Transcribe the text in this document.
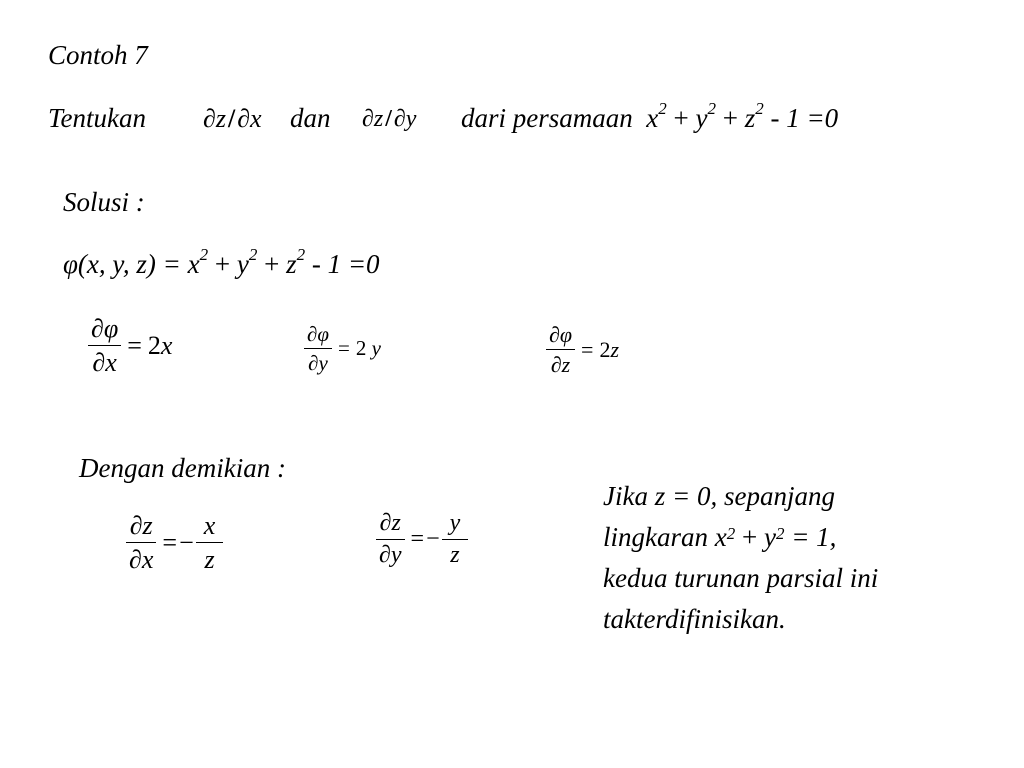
Contoh 7
Tentukan ∂z/∂x dan ∂z/∂y dari persamaan $x^2 + y^2 + z^2 - 1 =0$
Solusi :
φ(x, y, $z) = x^2 + y^2 + z^2 - 1 =0$
$\frac{\partial\varphi}{\partial x} = 2$ x	$\frac{\partial\varphi}{\partial y} = 2$
y	$\frac{\partial\varphi}{\partial z} = 2$ z
Dengan demikian :
$\frac{\partial z}{\partial x}$ = − $\frac{x}{z}$	$\frac{\partial z}{\partial y}$ = − $\frac{y}{z}$
Jika z = 0, sepanjang
lingkaran $x^2 + y^2 = 1$,
kedua turunan parsial ini
takterdifinisikan.
